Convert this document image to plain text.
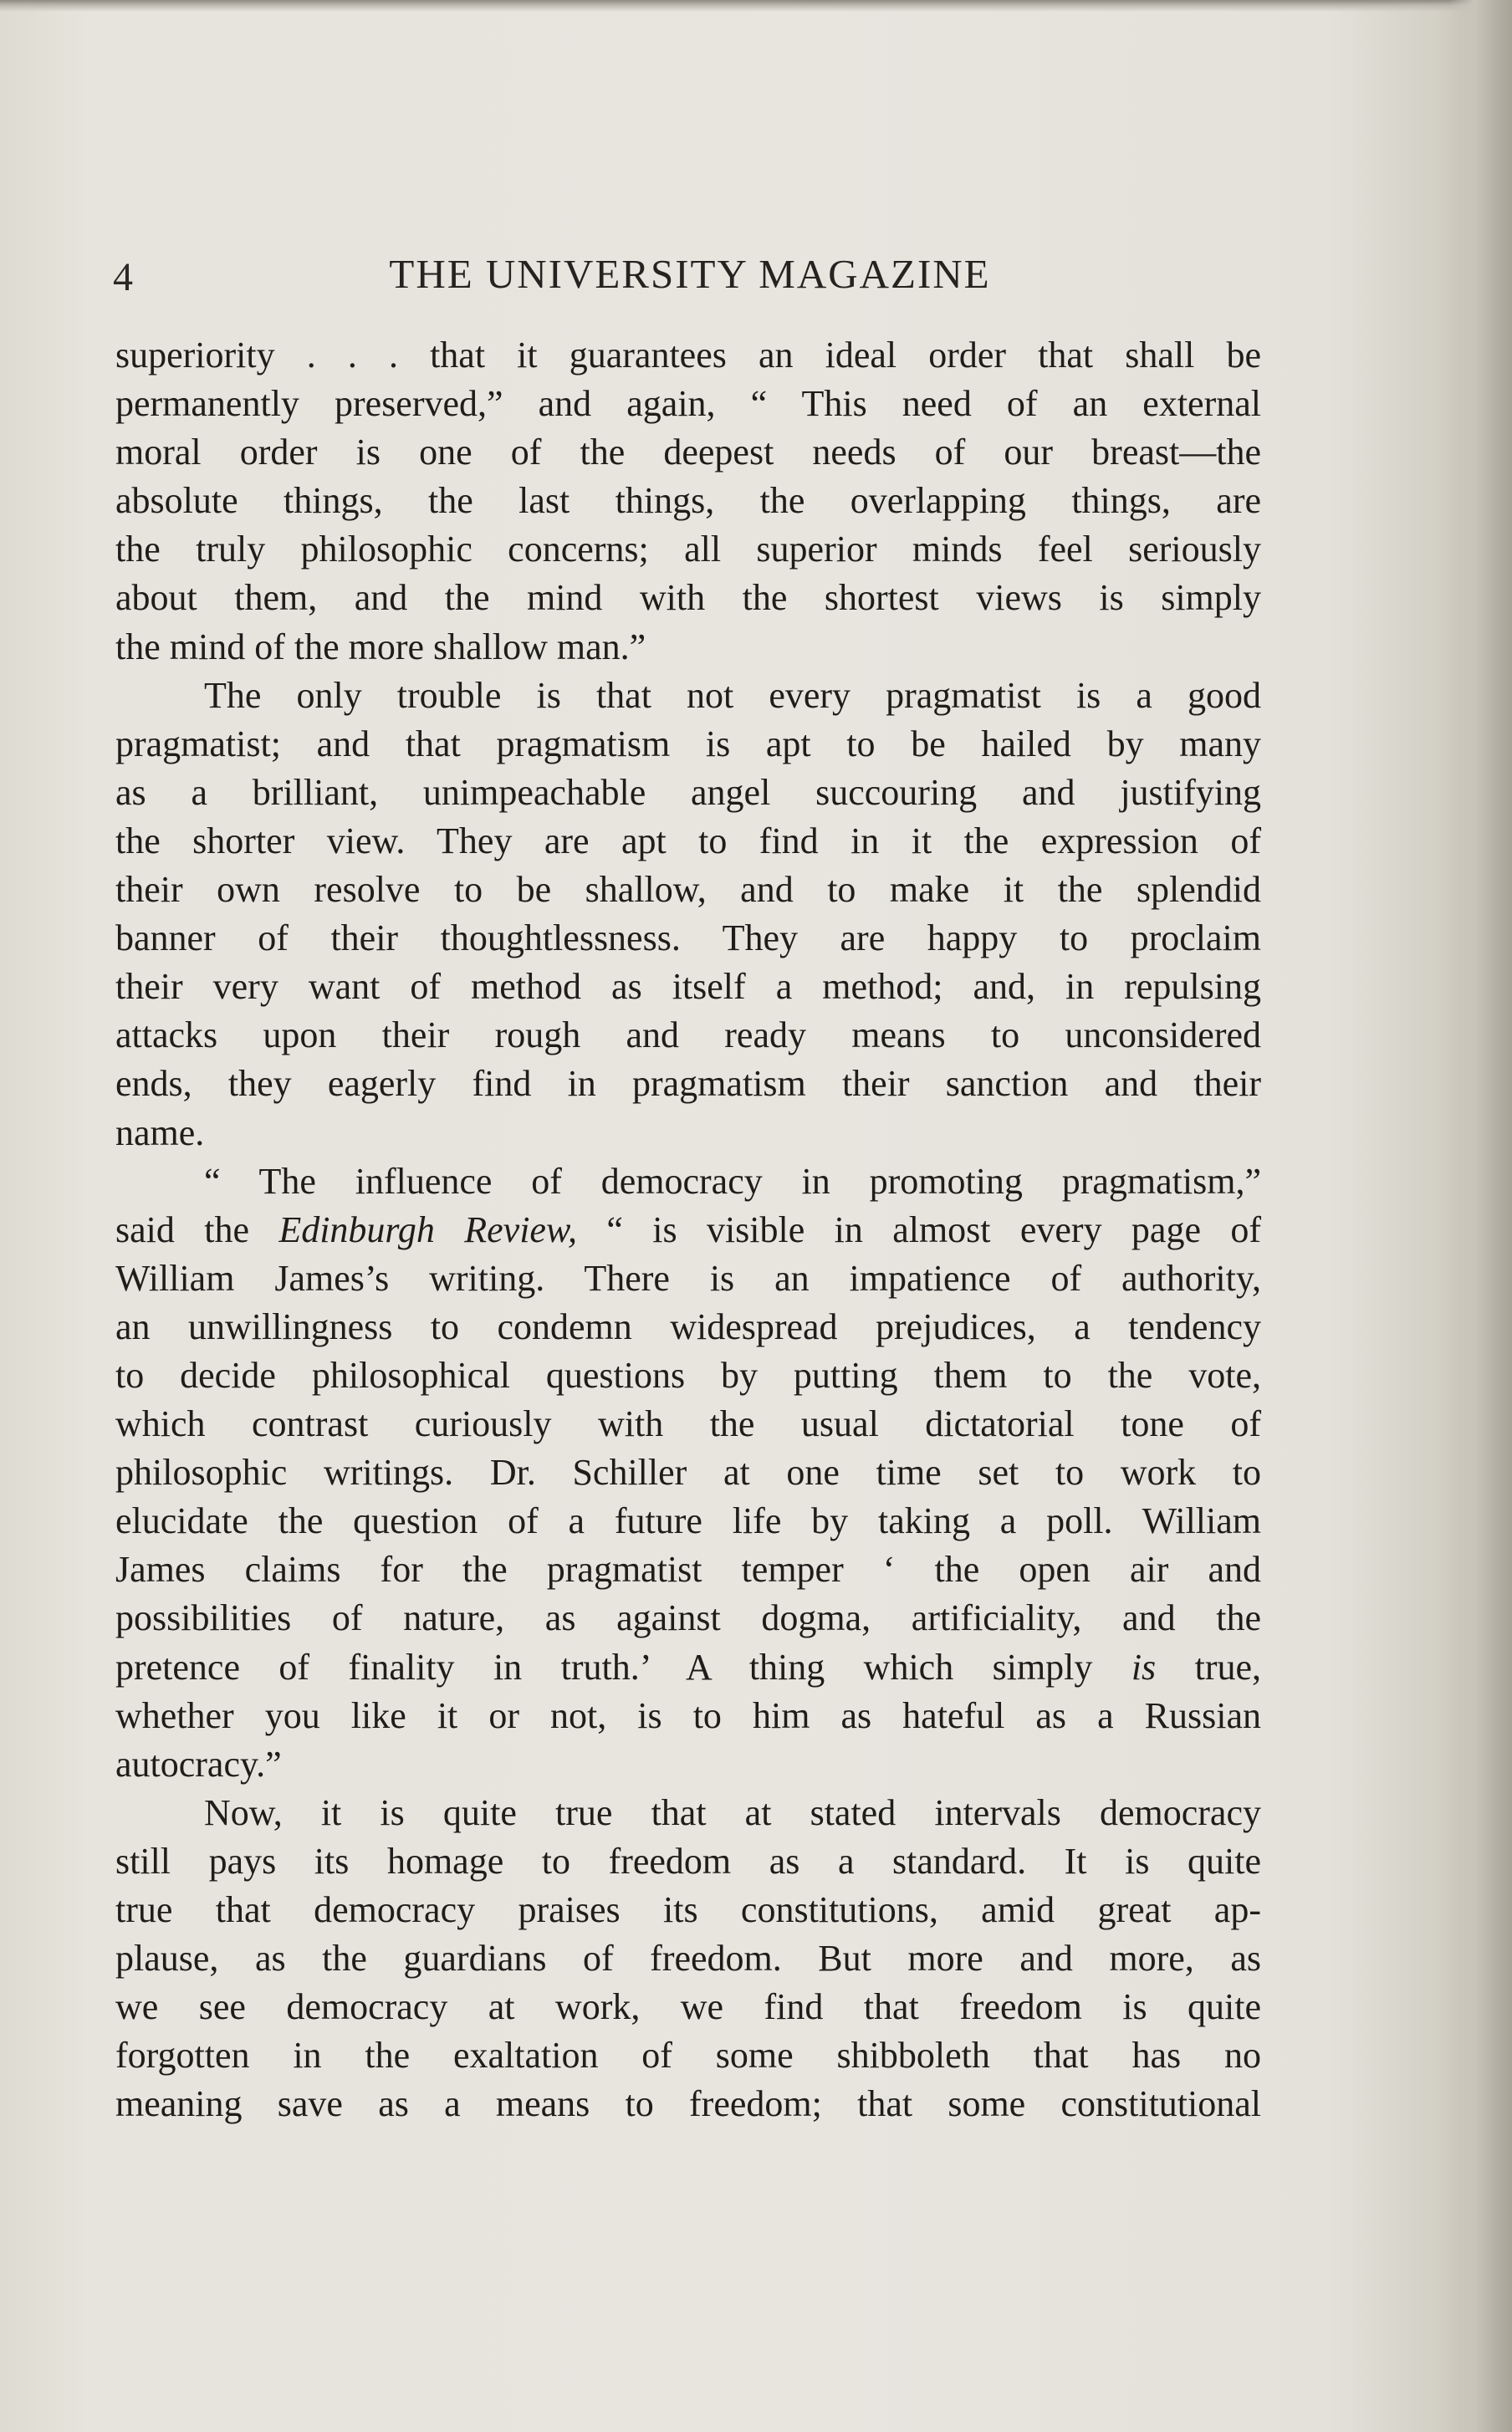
4	THE UNIVERSITY MAGAZINE
superiority . . . that it guarantees an ideal order that shall be
permanently preserved,” and again, “ This need of an external
moral order is one of the deepest needs of our breast—the
absolute things, the last things, the overlapping things, are
the truly philosophic concerns; all superior minds feel seriously
about them, and the mind with the shortest views is simply
the mind of the more shallow man.”
The only trouble is that not every pragmatist is a good
pragmatist; and that pragmatism is apt to be hailed by many
as a brilliant, unimpeachable angel succouring and justifying
the shorter view. They are apt to find in it the expression of
their own resolve to be shallow, and to make it the splendid
banner of their thoughtlessness. They are happy to proclaim
their very want of method as itself a method; and, in repulsing
attacks upon their rough and ready means to unconsidered
ends, they eagerly find in pragmatism their sanction and their
name.
“ The influence of democracy in promoting pragmatism,”
said the Edinburgh Review, “ is visible in almost every page of
William James’s writing. There is an impatience of authority,
an unwillingness to condemn widespread prejudices, a tendency
to decide philosophical questions by putting them to the vote,
which contrast curiously with the usual dictatorial tone of
philosophic writings. Dr. Schiller at one time set to work to
elucidate the question of a future life by taking a poll. William
James claims for the pragmatist temper ‘ the open air and
possibilities of nature, as against dogma, artificiality, and the
pretence of finality in truth.’ A thing which simply is true,
whether you like it or not, is to him as hateful as a Russian
autocracy.”
Now, it is quite true that at stated intervals democracy
still pays its homage to freedom as a standard. It is quite
true that democracy praises its constitutions, amid great ap-
plause, as the guardians of freedom. But more and more, as
we see democracy at work, we find that freedom is quite
forgotten in the exaltation of some shibboleth that has no
meaning save as a means to freedom; that some constitutional
